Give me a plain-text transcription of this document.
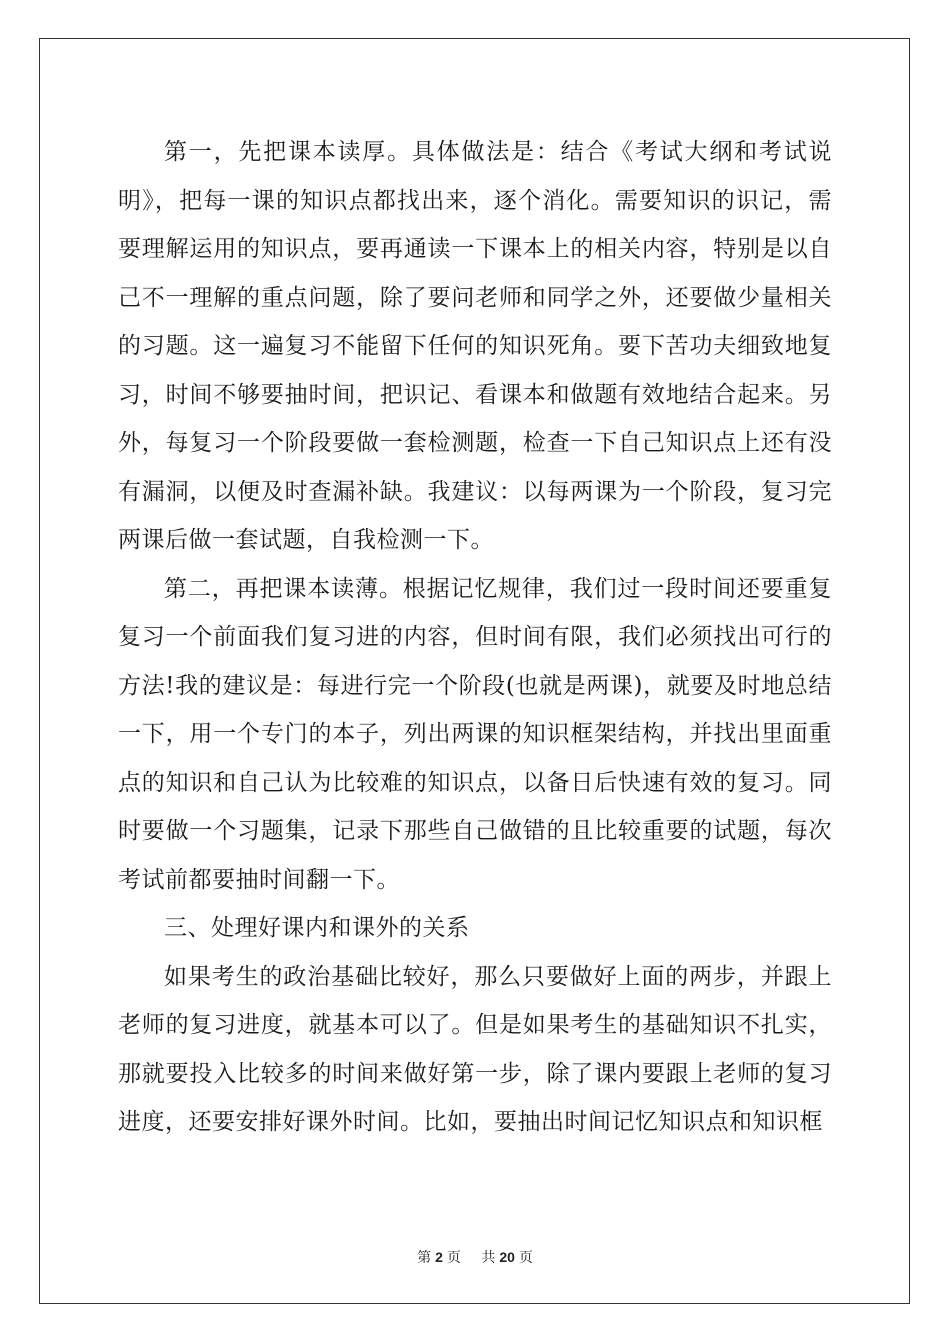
第一，先把课本读厚。具体做法是：结合《考试大纲和考试说明》，把每一课的知识点都找出来，逐个消化。需要知识的识记，需要理解运用的知识点，要再通读一下课本上的相关内容，特别是以自己不一理解的重点问题，除了要问老师和同学之外，还要做少量相关的习题。这一遍复习不能留下任何的知识死角。要下苦功夫细致地复习，时间不够要抽时间，把识记、看课本和做题有效地结合起来。另外，每复习一个阶段要做一套检测题，检查一下自己知识点上还有没有漏洞，以便及时查漏补缺。我建议：以每两课为一个阶段，复习完两课后做一套试题，自我检测一下。

第二，再把课本读薄。根据记忆规律，我们过一段时间还要重复复习一个前面我们复习进的内容，但时间有限，我们必须找出可行的方法!我的建议是：每进行完一个阶段(也就是两课)，就要及时地总结一下，用一个专门的本子，列出两课的知识框架结构，并找出里面重点的知识和自己认为比较难的知识点，以备日后快速有效的复习。同时要做一个习题集，记录下那些自己做错的且比较重要的试题，每次考试前都要抽时间翻一下。

三、处理好课内和课外的关系

如果考生的政治基础比较好，那么只要做好上面的两步，并跟上老师的复习进度，就基本可以了。但是如果考生的基础知识不扎实，那就要投入比较多的时间来做好第一步，除了课内要跟上老师的复习进度，还要安排好课外时间。比如，要抽出时间记忆知识点和知识框

第 2 页 共 20 页
